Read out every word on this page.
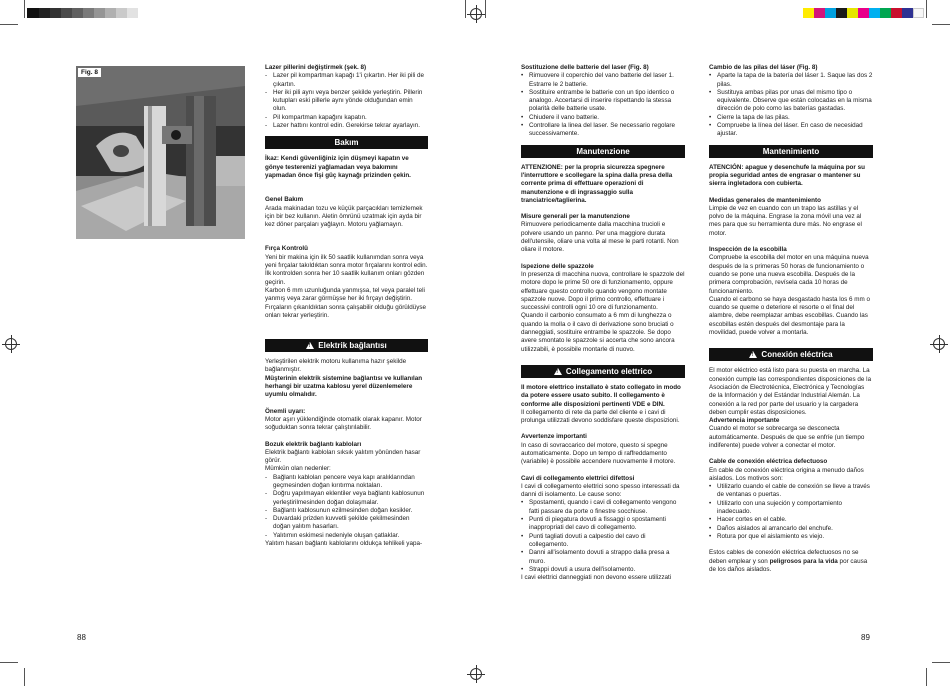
Fig. 8
88	89

Lazer pillerini değiştirmek (şek. 8)

- Lazer pil kompartman kapağı 1'i çıkartın. Her iki pili de çıkartın.
- Her iki pili aynı veya benzer şekilde yerleştirin. Pillerin kutupları eski pillerle aynı yönde olduğundan emin olun.
- Pil kompartman kapağını kapatın.
- Lazer hattını kontrol edin. Gerekirse tekrar ayarlayın.
Bakım

İkaz: Kendi güvenliğiniz için düşmeyi kapatın ve gönye testerenizi yağlamadan veya bakımını yapmadan önce fişi güç kaynağı prizinden çekin.

Genel Bakım

Arada makinadan tozu ve küçük parçacıkları temizlemek için bir bez kullanın. Aletin ömrünü uzatmak için ayda bir kez döner parçaları yağlayın. Motoru yağlamayın.

Fırça Kontrolü

Yeni bir makina için ilk 50 saatlik kullanımdan sonra veya yeni fırçalar takıldıktan sonra motor fırçalarını kontrol edin. İlk kontrolden sonra her 10 saatlik kullanım onları gözden geçirin.

Karbon 6 mm uzunluğunda yanmışsa, tel veya paralel teli yanmış veya zarar görmüşse her iki fırçayı değiştirin. Fırçaların çıkarıldıktan sonra çalışabilir olduğu görüldüyse onları tekrar yerleştirin.

!Elektrik bağlantısı

Yerleştirilen elektrik motoru kullanıma hazır şekilde bağlanmıştır.

Müşterinin elektrik sistemine bağlantısı ve kullanılan herhangi bir uzatma kablosu yerel düzenlemelere uyumlu olmalıdır.

Önemli uyarı:

Motor aşırı yüklendiğinde otomatik olarak kapanır. Motor soğuduktan sonra tekrar çalıştırılabilir.

Bozuk elektrik bağlantı kabloları

Elektrik bağlantı kabloları sıksık yalıtım yönünden hasar görür.

Mümkün olan nedenler:

- Bağlantı kabloları pencere veya kapı aralıklarından geçmesinden doğan kırıtırma noktaları.
- Doğru yapılmayan eklentiler veya bağlantı kablosunun yerleştirilmesinden doğan dolaşmalar.
- Bağlantı kablosunun ezilmesinden doğan kesikler.
- Duvardaki prizden kuvvetli şekilde çekilmesinden doğan yalıtım hasarları.
- Yalıtımın eskimesi nedeniyle oluşan çatlaklar.

Yalıtım hasarı bağlantı kablolarını oldukça tehlikeli yapa-

Sostituzione delle batterie del laser (Fig. 8)

• Rimuovere il coperchio del vano batterie del laser 1. Estrarre le 2 batterie.
• Sostituire entrambe le batterie con un tipo identico o analogo. Accertarsi di inserire rispettando la stessa polarità delle batterie usate.
• Chiudere il vano batterie.
• Controllare la linea del laser. Se necessario regolare successivamente.
Manutenzione

ATTENZIONE: per la propria sicurezza spegnere l'interruttore e scollegare la spina dalla presa della corrente prima di effettuare operazioni di manutenzione e di ingrassaggio sulla tranciatrice/taglierina.

Misure generali per la manutenzione

Rimuovere periodicamente dalla macchina trucioli e polvere usando un panno. Per una maggiore durata dell'utensile, oliare una volta al mese le parti rotanti. Non oliare il motore.

Ispezione delle spazzole

In presenza di macchina nuova, controllare le spazzole del motore dopo le prime 50 ore di funzionamento, oppure effettuare questo controllo quando vengono montate spazzole nuove. Dopo il primo controllo, effettuare i successivi controlli ogni 10 ore di funzionamento.

Quando il carbonio consumato a 6 mm di lunghezza o quando la molla o il cavo di derivazione sono bruciati o danneggiati, sostituire entrambe le spazzole. Se dopo avere smontato le spazzole si accerta che sono ancora utilizzabili, è possibile montarle di nuovo.

!Collegamento elettrico

Il motore elettrico installato è stato collegato in modo da potere essere usato subito. Il collegamento è conforme alle disposizioni pertinenti VDE e DIN.

Il collegamento di rete da parte del cliente e i cavi di prolunga utilizzati devono soddisfare queste disposizioni.

Avvertenze importanti

In caso di sovraccarico del motore, questo si spegne automaticamente. Dopo un tempo di raffreddamento (variabile) è possibile accendere nuovamente il motore.

Cavi di collegamento elettrici difettosi

I cavi di collegamento elettrici sono spesso interessati da danni di isolamento. Le cause sono:

• Spostamenti, quando i cavi di collegamento vengono fatti passare da porte o finestre socchiuse.
• Punti di piegatura dovuti a fissaggi o spostamenti inappropriati del cavo di collegamento.
• Punti tagliati dovuti a calpestio del cavo di collegamento.
• Danni all'isolamento dovuti a strappo dalla presa a muro.
• Strappi dovuti a usura dell'isolamento.

I cavi elettrici danneggiati non devono essere utilizzati

Cambio de las pilas del láser (Fig. 8)

• Aparte la tapa de la batería del láser 1. Saque las dos 2 pilas.
• Sustituya ambas pilas por unas del mismo tipo o equivalente. Observe que están colocadas en la misma dirección de polo como las baterías gastadas.
• Cierre la tapa de las pilas.
• Compruebe la línea del láser. En caso de necesidad ajustar.
Mantenimiento

ATENCIÓN: apague y desenchufe la máquina por su propia seguridad antes de engrasar o mantener su sierra ingletadora con cubierta.

Medidas generales de mantenimiento

Limpie de vez en cuando con un trapo las astillas y el polvo de la máquina. Engrase la zona móvil una vez al mes para que su herramienta dure más. No engrase el motor.

Inspección de la escobilla

Compruebe la escobilla del motor en una máquina nueva después de la s primeras 50 horas de funcionamiento o cuando se pone una nueva escobilla. Después de la primera comprobación, revísela cada 10 horas de funcionamiento.

Cuando el carbono se haya desgastado hasta los 6 mm o cuando se queme o deteriore el resorte o el final del alambre, debe reemplazar ambas escobillas. Cuando las escobillas estén después del desmontaje para la movilidad, puede volver a montarla.

!Conexión eléctrica

El motor eléctrico está listo para su puesta en marcha. La conexión cumple las correspondientes disposiciones de la Asociación de Electrotécnica, Electrónica y Tecnologías de la Información y del Estándar Industrial Alemán. La conexión a la red por parte del usuario y la cargadera deben cumplir estas disposiciones.

Advertencia importante

Cuando el motor se sobrecarga se desconecta automáticamente. Después de que se enfríe (un tiempo indiferente) puede volver a conectar el motor.

Cable de conexión eléctrica defectuoso

En cable de conexión eléctrica origina a menudo daños aislados. Los motivos son:

• Utilizarlo cuando el cable de conexión se lleve a través de ventanas o puertas.
• Utilizarlo con una sujeción y comportamiento inadecuado.
• Hacer cortes en el cable.
• Daños aislados al arrancarlo del enchufe.
• Rotura por que el aislamiento es viejo.

Estos cables de conexión eléctrica defectuosos no se deben emplear y son peligrosos para la vida por causa de los daños aislados.
